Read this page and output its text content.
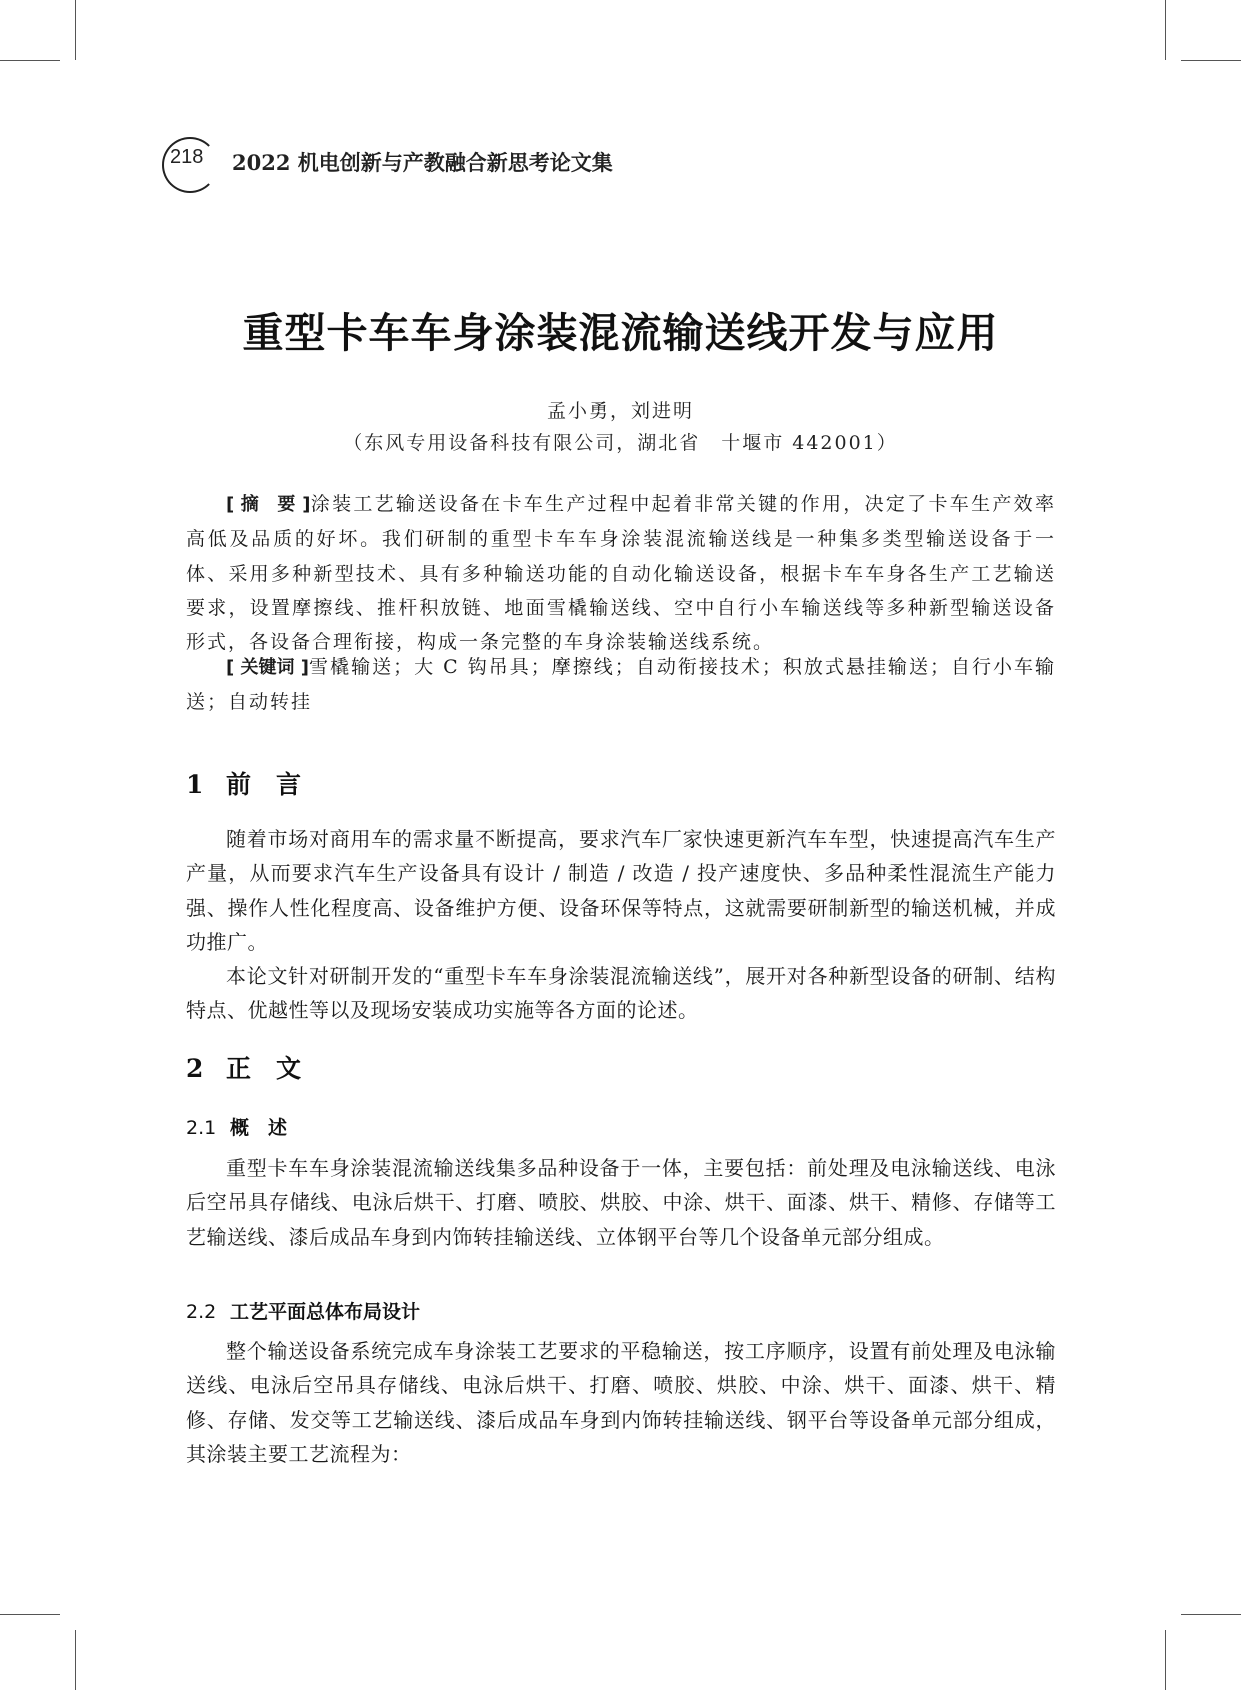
218 2022 机电创新与产教融合新思考论文集
重型卡车车身涂装混流输送线开发与应用
孟小勇，刘进明
（东风专用设备科技有限公司，湖北省　十堰市 442001）
[ 摘　要 ]涂装工艺输送设备在卡车生产过程中起着非常关键的作用，决定了卡车生产效率高低及品质的好坏。我们研制的重型卡车车身涂装混流输送线是一种集多类型输送设备于一体、采用多种新型技术、具有多种输送功能的自动化输送设备，根据卡车车身各生产工艺输送要求，设置摩擦线、推杆积放链、地面雪橇输送线、空中自行小车输送线等多种新型输送设备形式，各设备合理衔接，构成一条完整的车身涂装输送线系统。
[ 关键词 ]雪橇输送；大 C 钩吊具；摩擦线；自动衔接技术；积放式悬挂输送；自行小车输送；自动转挂
1 前　言
随着市场对商用车的需求量不断提高，要求汽车厂家快速更新汽车车型，快速提高汽车生产产量，从而要求汽车生产设备具有设计 / 制造 / 改造 / 投产速度快、多品种柔性混流生产能力强、操作人性化程度高、设备维护方便、设备环保等特点，这就需要研制新型的输送机械，并成功推广。
本论文针对研制开发的“重型卡车车身涂装混流输送线”，展开对各种新型设备的研制、结构特点、优越性等以及现场安装成功实施等各方面的论述。
2 正　文
2.1 概　述
重型卡车车身涂装混流输送线集多品种设备于一体，主要包括：前处理及电泳输送线、电泳后空吊具存储线、电泳后烘干、打磨、喷胶、烘胶、中涂、烘干、面漆、烘干、精修、存储等工艺输送线、漆后成品车身到内饰转挂输送线、立体钢平台等几个设备单元部分组成。
2.2 工艺平面总体布局设计
整个输送设备系统完成车身涂装工艺要求的平稳输送，按工序顺序，设置有前处理及电泳输送线、电泳后空吊具存储线、电泳后烘干、打磨、喷胶、烘胶、中涂、烘干、面漆、烘干、精修、存储、发交等工艺输送线、漆后成品车身到内饰转挂输送线、钢平台等设备单元部分组成，其涂装主要工艺流程为：
